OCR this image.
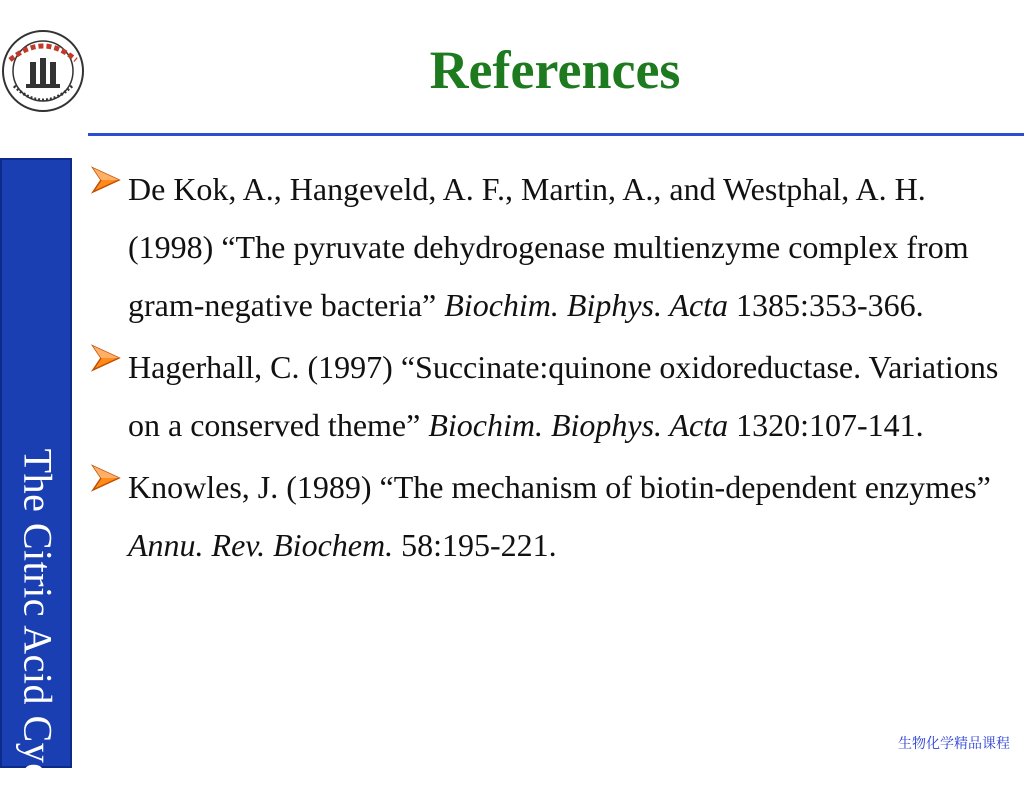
References
The Citric Acid Cycle
De Kok, A., Hangeveld, A. F., Martin, A., and Westphal, A. H. (1998) “The pyruvate dehydrogenase multienzyme complex from gram-negative bacteria” Biochim. Biphys. Acta 1385:353-366.
Hagerhall, C. (1997) “Succinate:quinone oxidoreductase. Variations on a conserved theme” Biochim. Biophys. Acta 1320:107-141.
Knowles, J. (1989) “The mechanism of biotin-dependent enzymes” Annu. Rev. Biochem. 58:195-221.
生物化学精品课程
